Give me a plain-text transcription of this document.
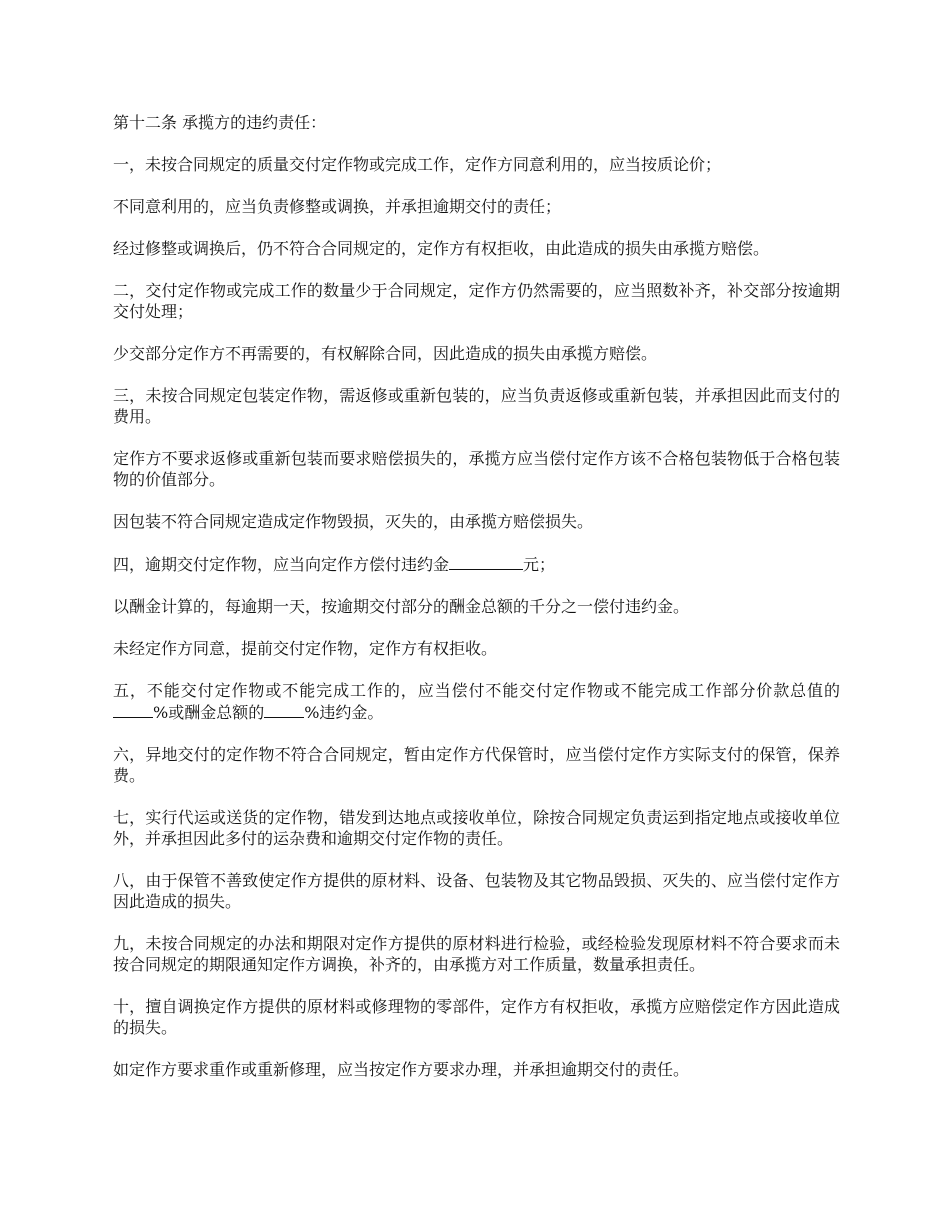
第十二条 承揽方的违约责任：

一，未按合同规定的质量交付定作物或完成工作，定作方同意利用的，应当按质论价；

不同意利用的，应当负责修整或调换，并承担逾期交付的责任；

经过修整或调换后，仍不符合合同规定的，定作方有权拒收，由此造成的损失由承揽方赔偿。

二，交付定作物或完成工作的数量少于合同规定，定作方仍然需要的，应当照数补齐，补交部分按逾期交付处理；

少交部分定作方不再需要的，有权解除合同，因此造成的损失由承揽方赔偿。

三，未按合同规定包装定作物，需返修或重新包装的，应当负责返修或重新包装，并承担因此而支付的费用。

定作方不要求返修或重新包装而要求赔偿损失的，承揽方应当偿付定作方该不合格包装物低于合格包装物的价值部分。

因包装不符合同规定造成定作物毁损，灭失的，由承揽方赔偿损失。

四，逾期交付定作物，应当向定作方偿付违约金	元；

以酬金计算的，每逾期一天，按逾期交付部分的酬金总额的千分之一偿付违约金。

未经定作方同意，提前交付定作物，定作方有权拒收。

五，不能交付定作物或不能完成工作的，应当偿付不能交付定作物或不能完成工作部分价款总值的%或酬金总额的	%违约金。

六，异地交付的定作物不符合合同规定，暂由定作方代保管时，应当偿付定作方实际支付的保管，保养费。

七，实行代运或送货的定作物，错发到达地点或接收单位，除按合同规定负责运到指定地点或接收单位外，并承担因此多付的运杂费和逾期交付定作物的责任。

八，由于保管不善致使定作方提供的原材料、设备、包装物及其它物品毁损、灭失的、应当偿付定作方因此造成的损失。

九，未按合同规定的办法和期限对定作方提供的原材料进行检验，或经检验发现原材料不符合要求而未按合同规定的期限通知定作方调换，补齐的，由承揽方对工作质量，数量承担责任。

十，擅自调换定作方提供的原材料或修理物的零部件，定作方有权拒收，承揽方应赔偿定作方因此造成的损失。

如定作方要求重作或重新修理，应当按定作方要求办理，并承担逾期交付的责任。
